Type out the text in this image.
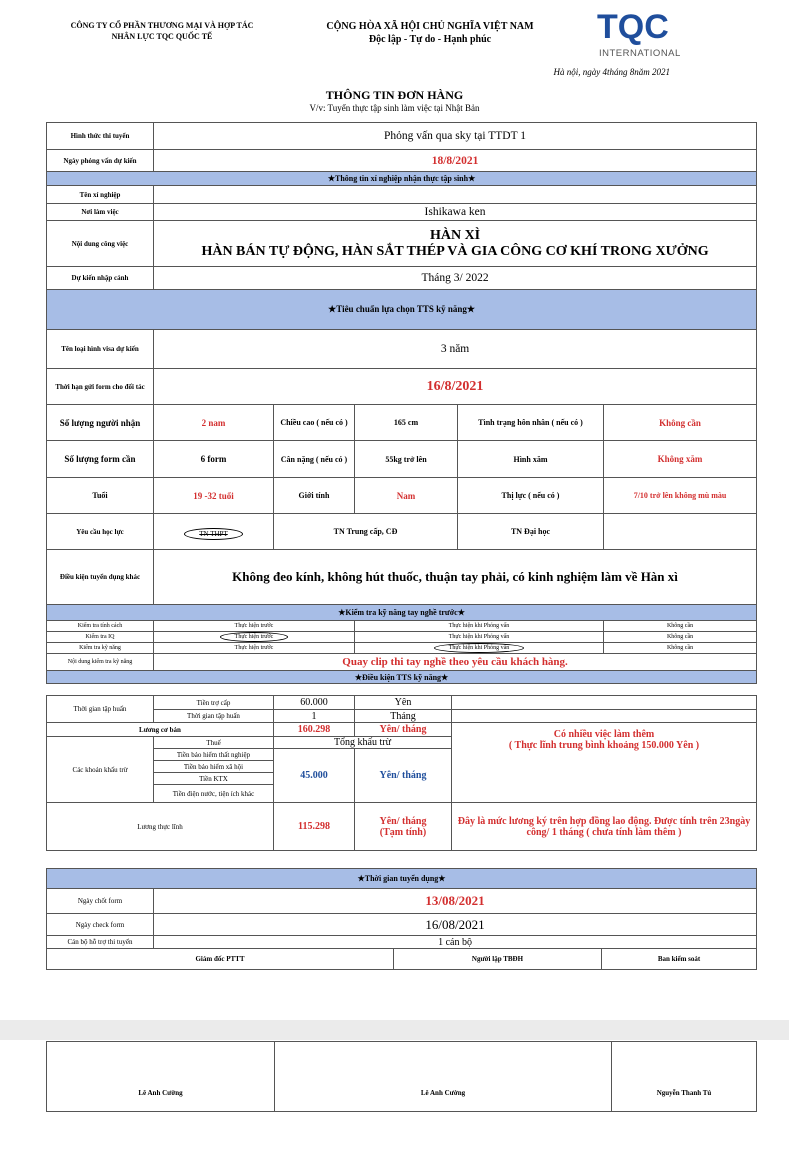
CÔNG TY CỔ PHẦN THƯƠNG MẠI VÀ HỢP TÁC
NHÂN LỰC TQC QUỐC TẾ
CỘNG HÒA XÃ HỘI CHỦ NGHĨA VIỆT NAM
Độc lập - Tự do - Hạnh phúc	TQC
INTERNATIONAL
Hà nội, ngày 4tháng 8năm 2021
THÔNG TIN ĐƠN HÀNG
V/v: Tuyển thực tập sinh làm việc tại Nhật Bản
Hình thức thi tuyển	Phỏng vấn qua sky tại TTDT 1				
Ngày phỏng vấn dự kiến	18/8/2021				
★Thông tin xí nghiệp nhận thực tập sinh★					
Tên xí nghiệp					
Nơi làm việc	Ishikawa ken				
Nội dung công việc	HÀN XÌ
HÀN BÁN TỰ ĐỘNG, HÀN SẮT THÉP VÀ GIA CÔNG CƠ KHÍ TRONG XƯỞNG				

Dự kiến nhập cảnh	Tháng 3/ 2022				
★Tiêu chuẩn lựa chọn TTS kỹ năng★					
Tên loại hình visa dự kiến	3 năm				
Thời hạn gửi form cho đối tác	16/8/2021				
Số lượng người nhận	2 nam	Chiều cao ( nếu có )	165 cm	Tình trạng hôn nhân ( nếu có )	Không cần
Số lượng form cần	6 form	Cân nặng ( nếu có )	55kg trở lên	Hình xăm	Không xăm
Tuổi	19 -32 tuổi	Giới tính	Nam	Thị lực ( nếu có )	7/10 trở lên không mù màu
Yêu cầu học lực	TN THPT	TN Trung cấp, CĐ		TN Đại học	
Điều kiện tuyển dụng khác	Không đeo kính, không hút thuốc, thuận tay phải, có kinh nghiệm làm về Hàn xì				
★Kiểm tra kỹ năng tay nghề trước★					
Kiểm tra tính cách	Thực hiện trước		Thực hiện khi Phỏng vấn		Không cần
Kiểm tra IQ	Thực hiện trước		Thực hiện khi Phỏng vấn		Không cần
Kiểm tra kỹ năng	Thực hiện trước		Thực hiện khi Phỏng vấn		Không cần
Nội dung kiểm tra kỹ năng	Quay clip thi tay nghề theo yêu cầu khách hàng.				
★Điều kiện TTS kỹ năng★					
Thời gian tập huấn	Tiền trợ cấp	60.000	Yên	
	Thời gian tập huấn	1	Tháng	
Lương cơ bản		160.298	Yên/ tháng	Có nhiều việc làm thêm
( Thực lĩnh trung bình khoảng 150.000 Yên )

Các khoản khấu trừ	Thuế	Tổng khấu trừ		
	Tiền bảo hiểm thất nghiệp	45.000	Yên/ tháng	
	Tiền bảo hiểm xã hội			
	Tiền KTX			
	Tiền điện nước, tiện ích khác			
Lương thực lĩnh		115.298	Yên/ tháng
(Tạm tính)	Đây là mức lương ký trên hợp đồng lao động. Được tính trên 23ngày công/ 1 tháng ( chưa tính làm thêm )
★Thời gian tuyển dụng★			
Ngày chốt form	13/08/2021		
Ngày check form	16/08/2021		
Cán bộ hỗ trợ thi tuyển	1 cán bộ		
Giám đốc PTTT		Người lập TBĐH	Ban kiểm soát
Lê Anh Cường	Lê Anh Cường	Nguyễn Thanh Tú
